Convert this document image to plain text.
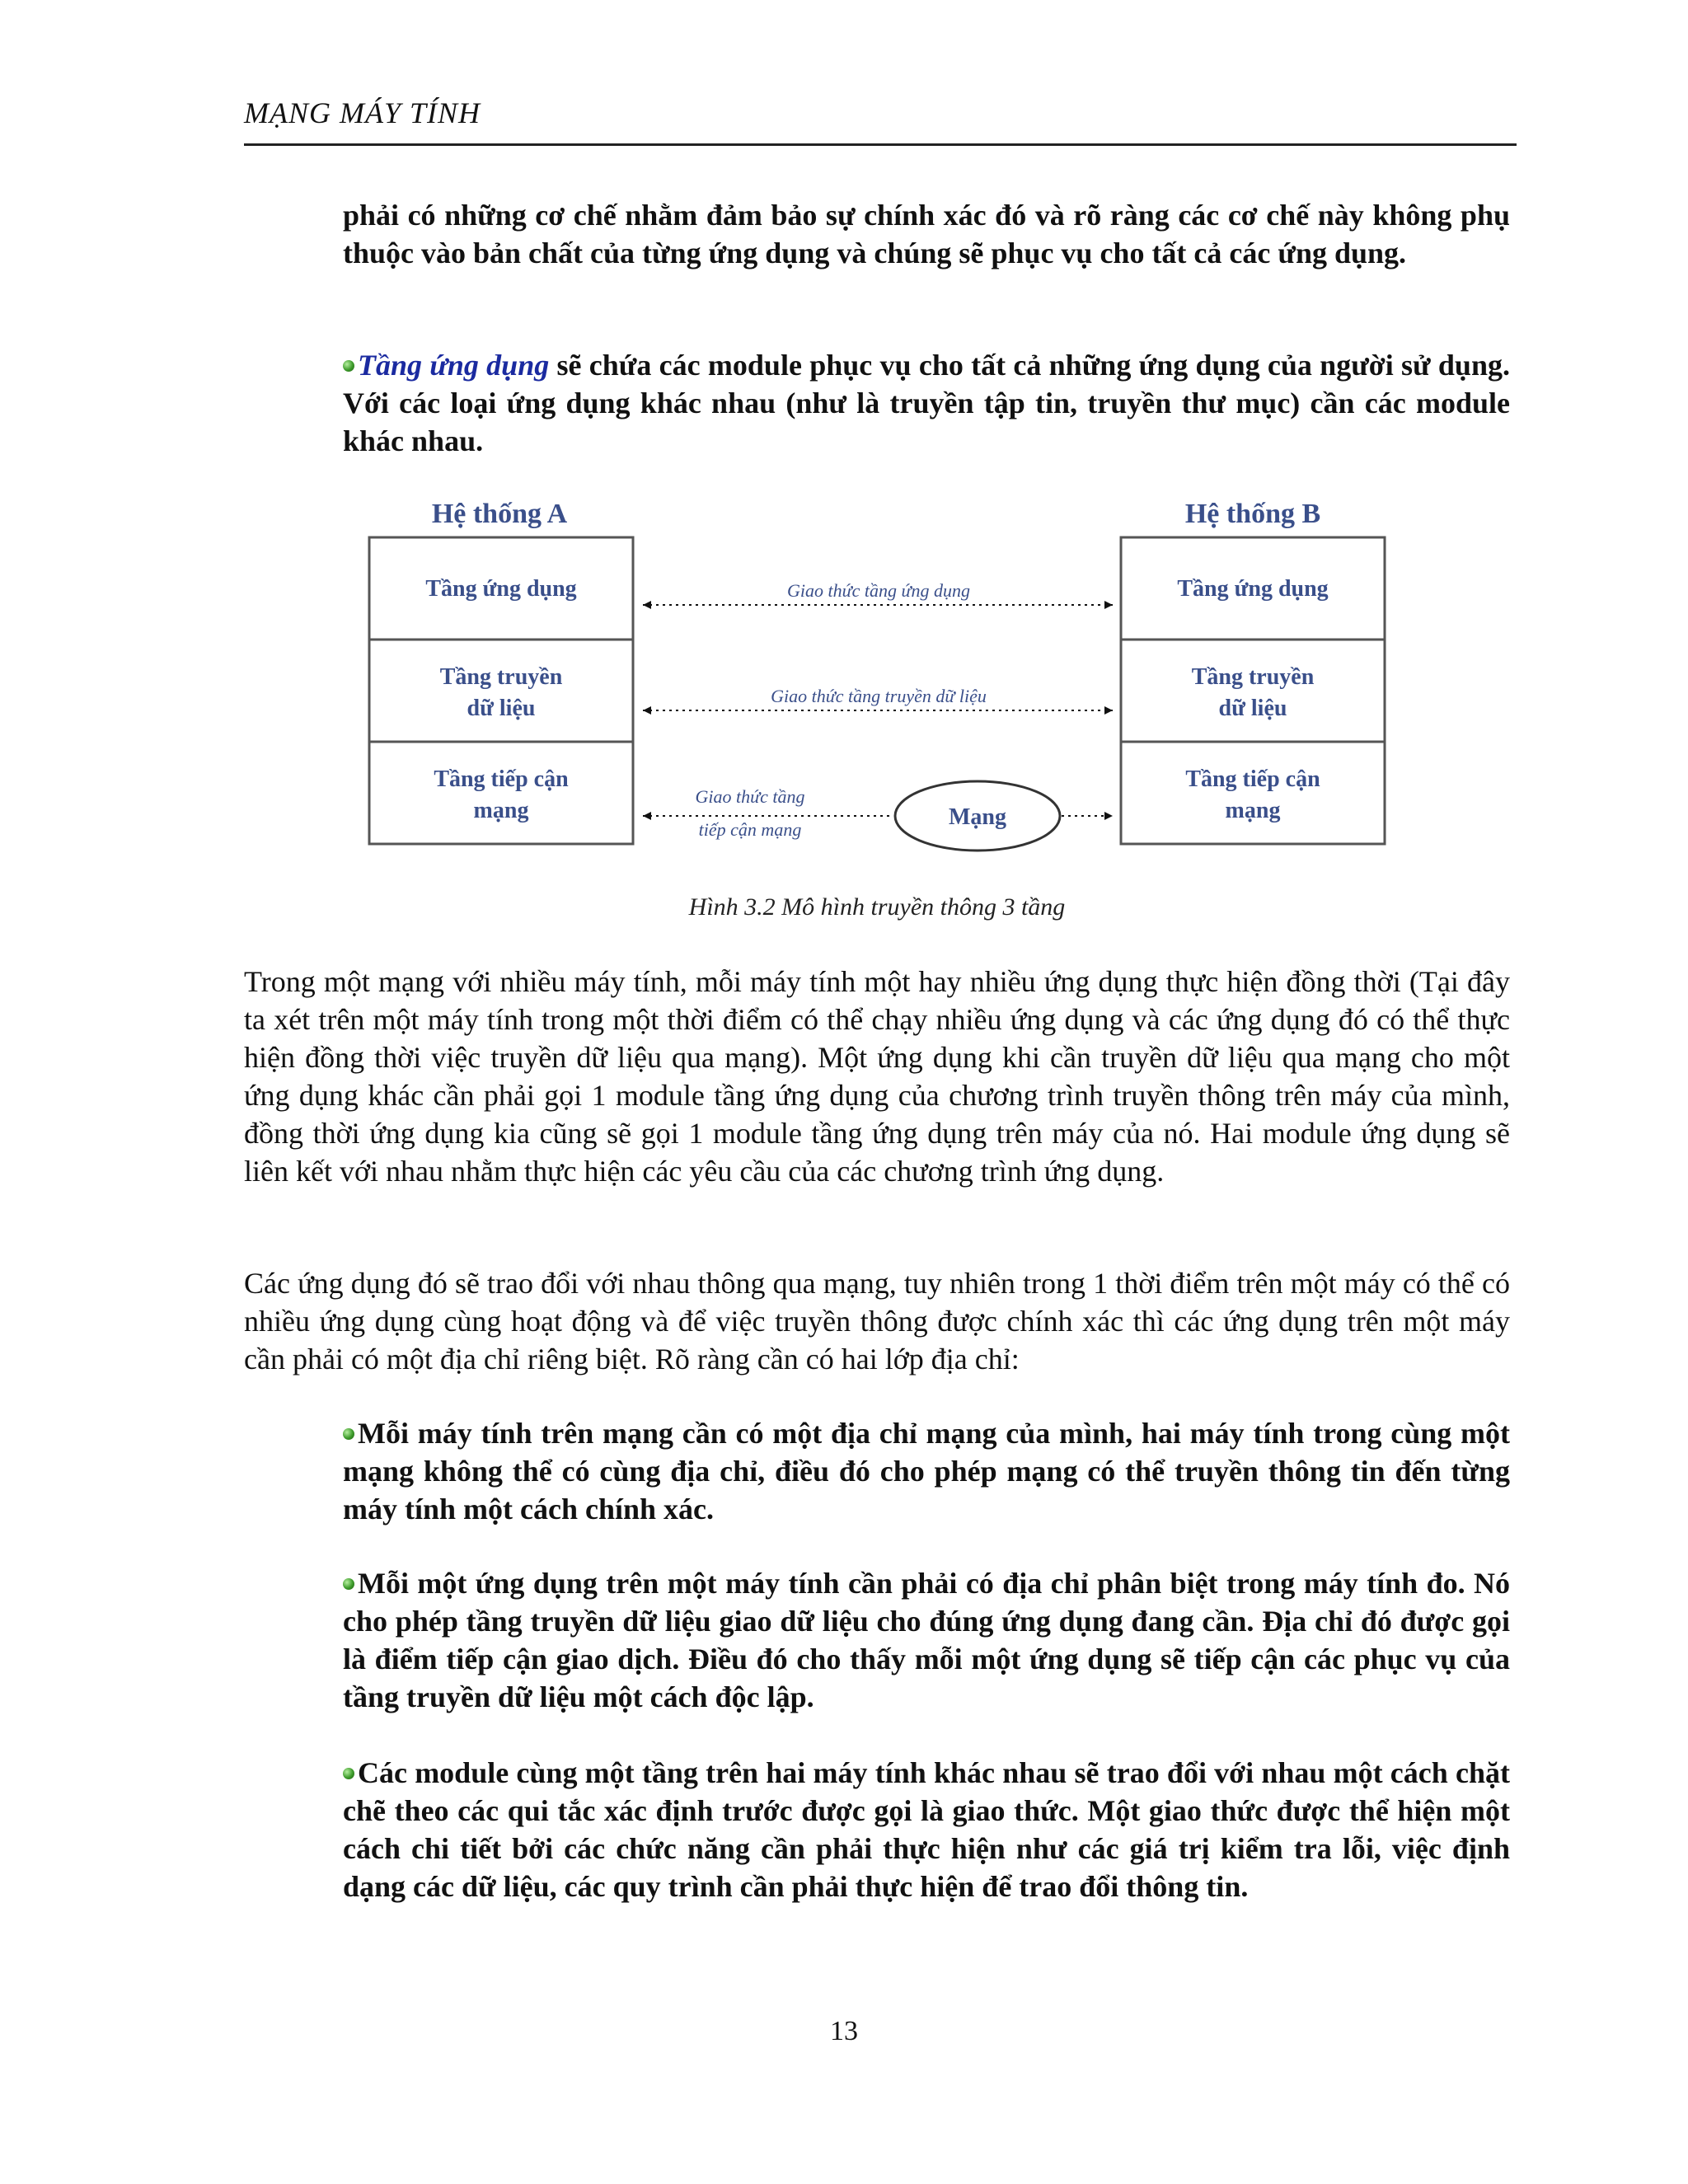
MẠNG MÁY TÍNH
phải có những cơ chế nhằm đảm bảo sự chính xác đó và rõ ràng các cơ chế này không phụ thuộc vào bản chất của từng ứng dụng và chúng sẽ phục vụ cho tất cả các ứng dụng.
Tầng ứng dụng sẽ chứa các module phục vụ cho tất cả những ứng dụng của người sử dụng. Với các loại ứng dụng khác nhau (như là truyền tập tin, truyền thư mục) cần các module khác nhau.
Hệ thống A	Hệ thống B
Tầng ứng dụng
Tầng truyền
dữ liệu
Tầng tiếp cận
mạng
Tầng ứng dụng
Tầng truyền
dữ liệu
Tầng tiếp cận
mạng
Giao thức tầng ứng dụng
Giao thức tầng truyền dữ liệu
Giao thức tầng
tiếp cận mạng	Mạng
Hình 3.2 Mô hình truyền thông 3 tầng
Trong một mạng với nhiều máy tính, mỗi máy tính một hay nhiều ứng dụng thực hiện đồng thời (Tại đây ta xét trên một máy tính trong một thời điểm có thể chạy nhiều ứng dụng và các ứng dụng đó có thể thực hiện đồng thời việc truyền dữ liệu qua mạng). Một ứng dụng khi cần truyền dữ liệu qua mạng cho một ứng dụng khác cần phải gọi 1 module tầng ứng dụng của chương trình truyền thông trên máy của mình, đồng thời ứng dụng kia cũng sẽ gọi 1 module tầng ứng dụng trên máy của nó. Hai module ứng dụng sẽ liên kết với nhau nhằm thực hiện các yêu cầu của các chương trình ứng dụng.
Các ứng dụng đó sẽ trao đổi với nhau thông qua mạng, tuy nhiên trong 1 thời điểm trên một máy có thể có nhiều ứng dụng cùng hoạt động và để việc truyền thông được chính xác thì các ứng dụng trên một máy cần phải có một địa chỉ riêng biệt. Rõ ràng cần có hai lớp địa chỉ:
Mỗi máy tính trên mạng cần có một địa chỉ mạng của mình, hai máy tính trong cùng một mạng không thể có cùng địa chỉ, điều đó cho phép mạng có thể truyền thông tin đến từng máy tính một cách chính xác.
Mỗi một ứng dụng trên một máy tính cần phải có địa chỉ phân biệt trong máy tính đo. Nó cho phép tầng truyền dữ liệu giao dữ liệu cho đúng ứng dụng đang cần. Địa chỉ đó được gọi là điểm tiếp cận giao dịch. Điều đó cho thấy mỗi một ứng dụng sẽ tiếp cận các phục vụ của tầng truyền dữ liệu một cách độc lập.
Các module cùng một tầng trên hai máy tính khác nhau sẽ trao đổi với nhau một cách chặt chẽ theo các qui tắc xác định trước được gọi là giao thức. Một giao thức được thể hiện một cách chi tiết bởi các chức năng cần phải thực hiện như các giá trị kiểm tra lỗi, việc định dạng các dữ liệu, các quy trình cần phải thực hiện để trao đổi thông tin.
13
